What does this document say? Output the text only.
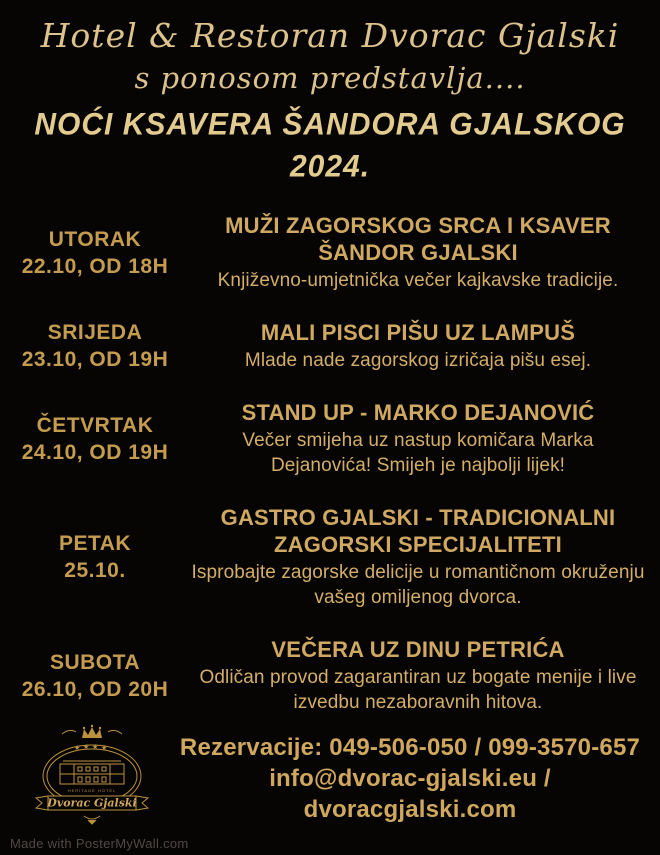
Hotel & Restoran Dvorac Gjalski
s ponosom predstavlja....
NOĆI KSAVERA ŠANDORA GJALSKOG 2024.
UTORAK
22.10, OD 18H
MUŽI ZAGORSKOG SRCA I KSAVER ŠANDOR GJALSKI
Književno-umjetnička večer kajkavske tradicije.
SRIJEDA
23.10, OD 19H
MALI PISCI PIŠU UZ LAMPUŠ
Mlade nade zagorskog izričaja pišu esej.
ČETVRTAK
24.10, OD 19H
STAND UP - MARKO DEJANOVIĆ
Večer smijeha uz nastup komičara Marka Dejanovića! Smijeh je najbolji lijek!
PETAK
25.10.
GASTRO GJALSKI - TRADICIONALNI ZAGORSKI SPECIJALITETI
Isprobajte zagorske delicije u romantičnom okruženju vašeg omiljenog dvorca.
SUBOTA
26.10, OD 20H
VEČERA UZ DINU PETRIĆA
Odličan provod zagarantiran uz bogate menije i live izvedbu nezaboravnih hitova.
★ ★ ★ ★
HERITAGE HOTEL
Dvorac Gjalski
Rezervacije: 049-506-050 / 099-3570-657
info@dvorac-gjalski.eu / dvoracgjalski.com
Made with PosterMyWall.com
